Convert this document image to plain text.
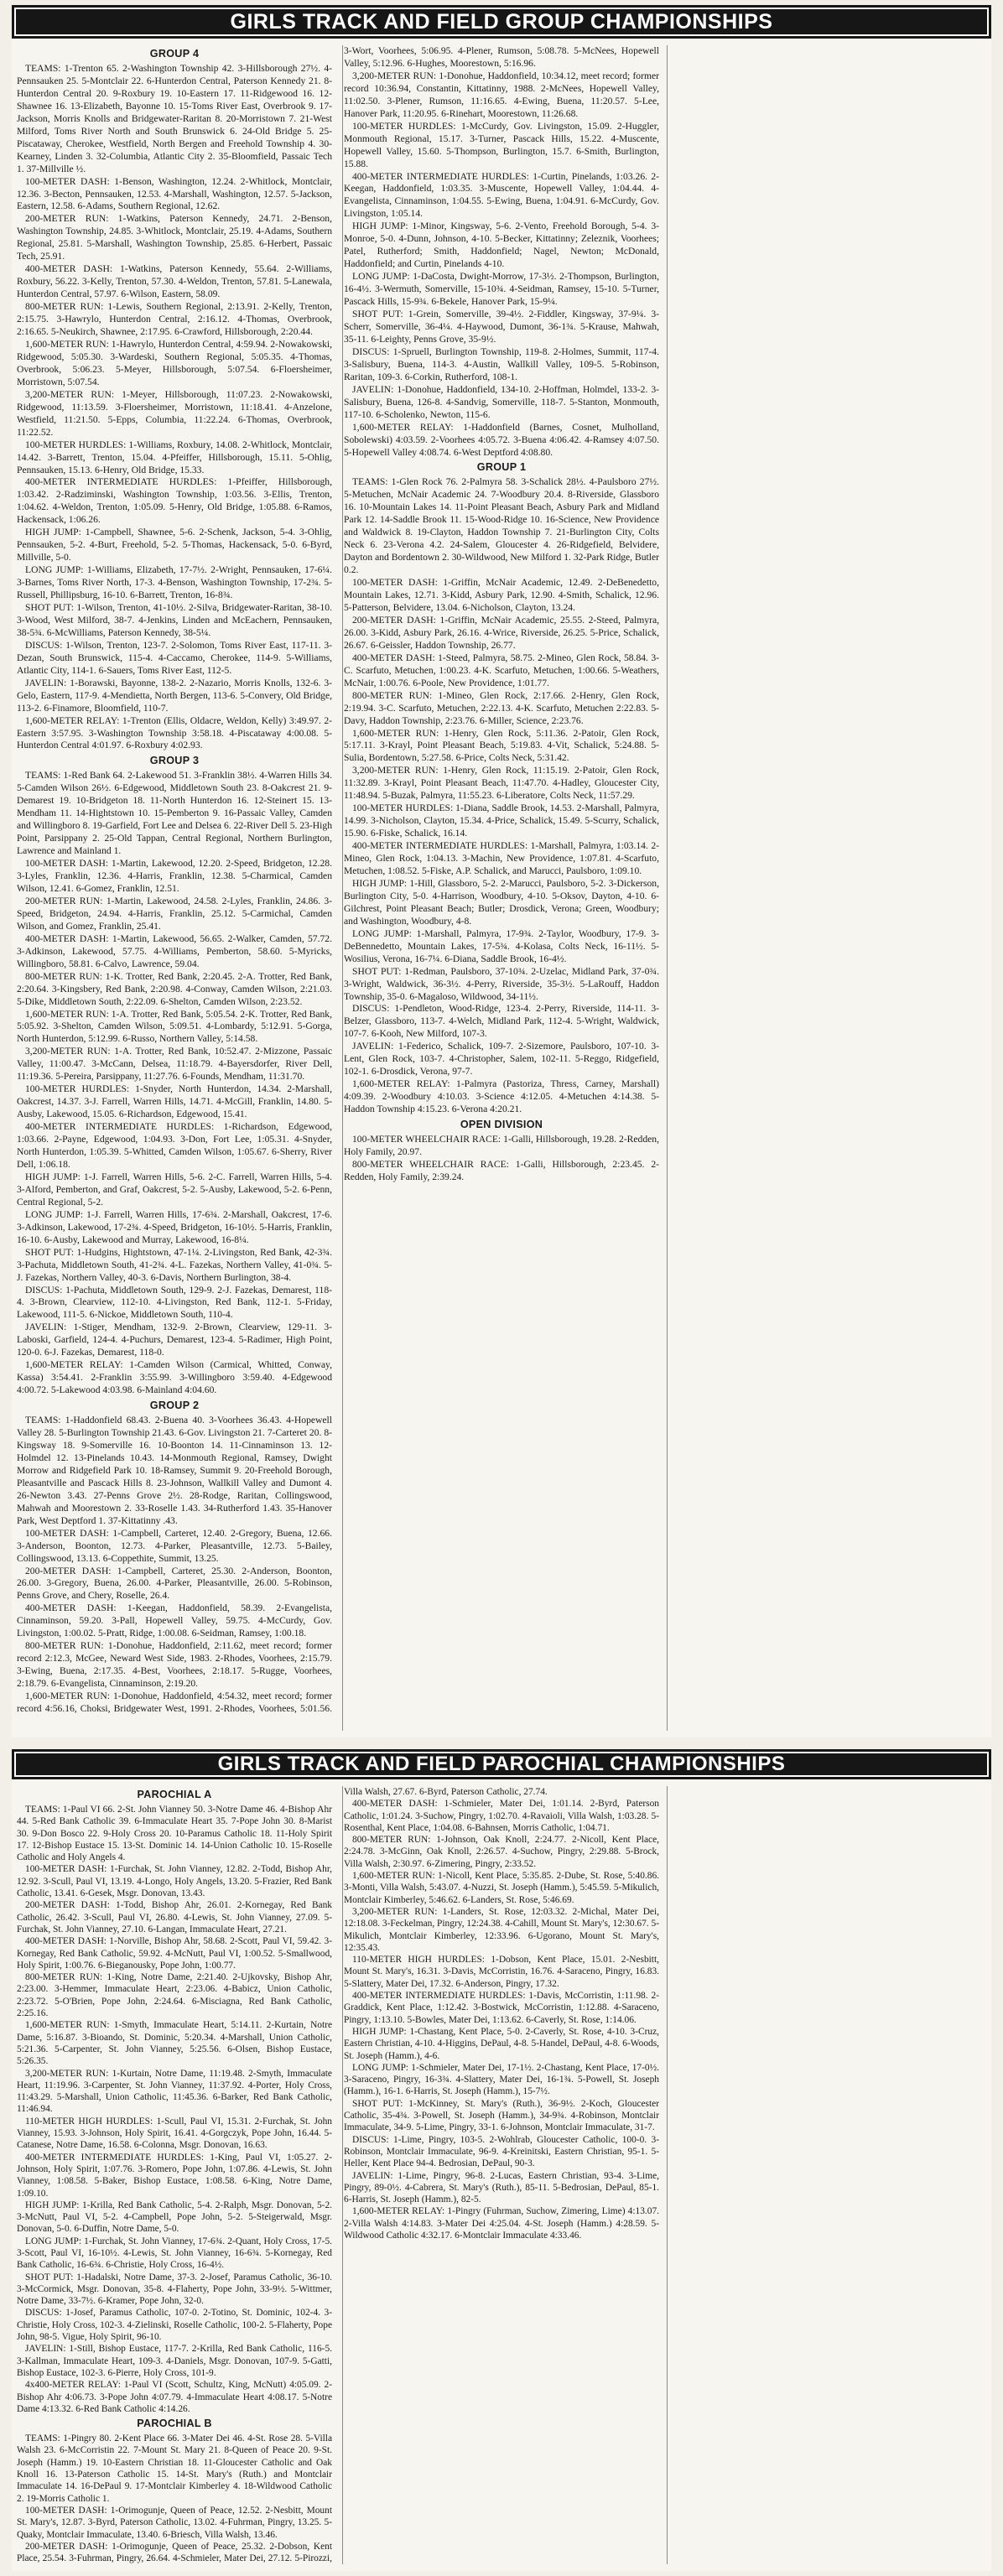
GIRLS TRACK AND FIELD GROUP CHAMPIONSHIPS
GROUP 4

TEAMS: 1-Trenton 65. 2-Washington Township 42. 3-Hillsborough 27½. 4-Pennsauken 25. 5-Montclair 22. 6-Hunterdon Central, Paterson Kennedy 21. 8-Hunterdon Central 20. 9-Roxbury 19. 10-Eastern 17. 11-Ridgewood 16. 12-Shawnee 16. 13-Elizabeth, Bayonne 10. 15-Toms River East, Overbrook 9. 17-Jackson, Morris Knolls and Bridgewater-Raritan 8. 20-Morristown 7. 21-West Milford, Toms River North and South Brunswick 6. 24-Old Bridge 5. 25-Piscataway, Cherokee, Westfield, North Bergen and Freehold Township 4. 30-Kearney, Linden 3. 32-Columbia, Atlantic City 2. 35-Bloomfield, Passaic Tech 1. 37-Millville ½.

100-METER DASH: 1-Benson, Washington, 12.24. 2-Whitlock, Montclair, 12.36. 3-Becton, Pennsauken, 12.53. 4-Marshall, Washington, 12.57. 5-Jackson, Eastern, 12.58. 6-Adams, Southern Regional, 12.62.

200-METER RUN: 1-Watkins, Paterson Kennedy, 24.71. 2-Benson, Washington Township, 24.85. 3-Whitlock, Montclair, 25.19. 4-Adams, Southern Regional, 25.81. 5-Marshall, Washington Township, 25.85. 6-Herbert, Passaic Tech, 25.91.

400-METER DASH: 1-Watkins, Paterson Kennedy, 55.64. 2-Williams, Roxbury, 56.22. 3-Kelly, Trenton, 57.30. 4-Weldon, Trenton, 57.81. 5-Lanewala, Hunterdon Central, 57.97. 6-Wilson, Eastern, 58.09.

800-METER RUN: 1-Lewis, Southern Regional, 2:13.91. 2-Kelly, Trenton, 2:15.75. 3-Hawrylo, Hunterdon Central, 2:16.12. 4-Thomas, Overbrook, 2:16.65. 5-Neukirch, Shawnee, 2:17.95. 6-Crawford, Hillsborough, 2:20.44.

1,600-METER RUN: 1-Hawrylo, Hunterdon Central, 4:59.94. 2-Nowakowski, Ridgewood, 5:05.30. 3-Wardeski, Southern Regional, 5:05.35. 4-Thomas, Overbrook, 5:06.23. 5-Meyer, Hillsborough, 5:07.54. 6-Floersheimer, Morristown, 5:07.54.

3,200-METER RUN: 1-Meyer, Hillsborough, 11:07.23. 2-Nowakowski, Ridgewood, 11:13.59. 3-Floersheimer, Morristown, 11:18.41. 4-Anzelone, Westfield, 11:21.50. 5-Epps, Columbia, 11:22.24. 6-Thomas, Overbrook, 11:22.52.

100-METER HURDLES: 1-Williams, Roxbury, 14.08. 2-Whitlock, Montclair, 14.42. 3-Barrett, Trenton, 15.04. 4-Pfeiffer, Hillsborough, 15.11. 5-Ohlig, Pennsauken, 15.13. 6-Henry, Old Bridge, 15.33.

400-METER INTERMEDIATE HURDLES: 1-Pfeiffer, Hillsborough, 1:03.42. 2-Radziminski, Washington Township, 1:03.56. 3-Ellis, Trenton, 1:04.62. 4-Weldon, Trenton, 1:05.09. 5-Henry, Old Bridge, 1:05.88. 6-Ramos, Hackensack, 1:06.26.

HIGH JUMP: 1-Campbell, Shawnee, 5-6. 2-Schenk, Jackson, 5-4. 3-Ohlig, Pennsauken, 5-2. 4-Burt, Freehold, 5-2. 5-Thomas, Hackensack, 5-0. 6-Byrd, Millville, 5-0.

LONG JUMP: 1-Williams, Elizabeth, 17-7½. 2-Wright, Pennsauken, 17-6¼. 3-Barnes, Toms River North, 17-3. 4-Benson, Washington Township, 17-2¾. 5-Russell, Phillipsburg, 16-10. 6-Barrett, Trenton, 16-8¾.

SHOT PUT: 1-Wilson, Trenton, 41-10½. 2-Silva, Bridgewater-Raritan, 38-10. 3-Wood, West Milford, 38-7. 4-Jenkins, Linden and McEachern, Pennsauken, 38-5¾. 6-McWilliams, Paterson Kennedy, 38-5¼.

DISCUS: 1-Wilson, Trenton, 123-7. 2-Solomon, Toms River East, 117-11. 3-Dezan, South Brunswick, 115-4. 4-Caccamo, Cherokee, 114-9. 5-Williams, Atlantic City, 114-1. 6-Sauers, Toms River East, 112-5.

JAVELIN: 1-Borawski, Bayonne, 138-2. 2-Nazario, Morris Knolls, 132-6. 3-Gelo, Eastern, 117-9. 4-Mendietta, North Bergen, 113-6. 5-Convery, Old Bridge, 113-2. 6-Finamore, Bloomfield, 110-7.

1,600-METER RELAY: 1-Trenton (Ellis, Oldacre, Weldon, Kelly) 3:49.97. 2-Eastern 3:57.95. 3-Washington Township 3:58.18. 4-Piscataway 4:00.08. 5-Hunterdon Central 4:01.97. 6-Roxbury 4:02.93.

GROUP 3

TEAMS: 1-Red Bank 64. 2-Lakewood 51. 3-Franklin 38½. 4-Warren Hills 34. 5-Camden Wilson 26½. 6-Edgewood, Middletown South 23. 8-Oakcrest 21. 9-Demarest 19. 10-Bridgeton 18. 11-North Hunterdon 16. 12-Steinert 15. 13-Mendham 11. 14-Hightstown 10. 15-Pemberton 9. 16-Passaic Valley, Camden and Willingboro 8. 19-Garfield, Fort Lee and Delsea 6. 22-River Dell 5. 23-High Point, Parsippany 2. 25-Old Tappan, Central Regional, Northern Burlington, Lawrence and Mainland 1.

100-METER DASH: 1-Martin, Lakewood, 12.20. 2-Speed, Bridgeton, 12.28. 3-Lyles, Franklin, 12.36. 4-Harris, Franklin, 12.38. 5-Charmical, Camden Wilson, 12.41. 6-Gomez, Franklin, 12.51.

200-METER RUN: 1-Martin, Lakewood, 24.58. 2-Lyles, Franklin, 24.86. 3-Speed, Bridgeton, 24.94. 4-Harris, Franklin, 25.12. 5-Carmichal, Camden Wilson, and Gomez, Franklin, 25.41.

400-METER DASH: 1-Martin, Lakewood, 56.65. 2-Walker, Camden, 57.72. 3-Adkinson, Lakewood, 57.75. 4-Williams, Pemberton, 58.60. 5-Myricks, Willingboro, 58.81. 6-Calvo, Lawrence, 59.04.

800-METER RUN: 1-K. Trotter, Red Bank, 2:20.45. 2-A. Trotter, Red Bank, 2:20.64. 3-Kingsbery, Red Bank, 2:20.98. 4-Conway, Camden Wilson, 2:21.03. 5-Dike, Middletown South, 2:22.09. 6-Shelton, Camden Wilson, 2:23.52.

1,600-METER RUN: 1-A. Trotter, Red Bank, 5:05.54. 2-K. Trotter, Red Bank, 5:05.92. 3-Shelton, Camden Wilson, 5:09.51. 4-Lombardy, 5:12.91. 5-Gorga, North Hunterdon, 5:12.99. 6-Russo, Northern Valley, 5:14.58.

3,200-METER RUN: 1-A. Trotter, Red Bank, 10:52.47. 2-Mizzone, Passaic Valley, 11:00.47. 3-McCann, Delsea, 11:18.79. 4-Bayersdorfer, River Dell, 11:19.36. 5-Pereira, Parsippany, 11:27.76. 6-Founds, Mendham, 11:31.70.

100-METER HURDLES: 1-Snyder, North Hunterdon, 14.34. 2-Marshall, Oakcrest, 14.37. 3-J. Farrell, Warren Hills, 14.71. 4-McGill, Franklin, 14.80. 5-Ausby, Lakewood, 15.05. 6-Richardson, Edgewood, 15.41.

400-METER INTERMEDIATE HURDLES: 1-Richardson, Edgewood, 1:03.66. 2-Payne, Edgewood, 1:04.93. 3-Don, Fort Lee, 1:05.31. 4-Snyder, North Hunterdon, 1:05.39. 5-Whitted, Camden Wilson, 1:05.67. 6-Sherry, River Dell, 1:06.18.

HIGH JUMP: 1-J. Farrell, Warren Hills, 5-6. 2-C. Farrell, Warren Hills, 5-4. 3-Alford, Pemberton, and Graf, Oakcrest, 5-2. 5-Ausby, Lakewood, 5-2. 6-Penn, Central Regional, 5-2.

LONG JUMP: 1-J. Farrell, Warren Hills, 17-6¾. 2-Marshall, Oakcrest, 17-6. 3-Adkinson, Lakewood, 17-2¾. 4-Speed, Bridgeton, 16-10½. 5-Harris, Franklin, 16-10. 6-Ausby, Lakewood and Murray, Lakewood, 16-8¼.

SHOT PUT: 1-Hudgins, Hightstown, 47-1¼. 2-Livingston, Red Bank, 42-3¾. 3-Pachuta, Middletown South, 41-2¾. 4-L. Fazekas, Northern Valley, 41-0¾. 5-J. Fazekas, Northern Valley, 40-3. 6-Davis, Northern Burlington, 38-4.

DISCUS: 1-Pachuta, Middletown South, 129-9. 2-J. Fazekas, Demarest, 118-4. 3-Brown, Clearview, 112-10. 4-Livingston, Red Bank, 112-1. 5-Friday, Lakewood, 111-5. 6-Nickoe, Middletown South, 110-4.

JAVELIN: 1-Stiger, Mendham, 132-9. 2-Brown, Clearview, 129-11. 3-Laboski, Garfield, 124-4. 4-Puchurs, Demarest, 123-4. 5-Radimer, High Point, 120-0. 6-J. Fazekas, Demarest, 118-0.

1,600-METER RELAY: 1-Camden Wilson (Carmical, Whitted, Conway, Kassa) 3:54.41. 2-Franklin 3:55.99. 3-Willingboro 3:59.40. 4-Edgewood 4:00.72. 5-Lakewood 4:03.98. 6-Mainland 4:04.60.

GROUP 2

TEAMS: 1-Haddonfield 68.43. 2-Buena 40. 3-Voorhees 36.43. 4-Hopewell Valley 28. 5-Burlington Township 21.43. 6-Gov. Livingston 21. 7-Carteret 20. 8-Kingsway 18. 9-Somerville 16. 10-Boonton 14. 11-Cinnaminson 13. 12-Holmdel 12. 13-Pinelands 10.43. 14-Monmouth Regional, Ramsey, Dwight Morrow and Ridgefield Park 10. 18-Ramsey, Summit 9. 20-Freehold Borough, Pleasantville and Pascack Hills 8. 23-Johnson, Wallkill Valley and Dumont 4. 26-Newton 3.43. 27-Penns Grove 2½. 28-Rodge, Raritan, Collingswood, Mahwah and Moorestown 2. 33-Roselle 1.43. 34-Rutherford 1.43. 35-Hanover Park, West Deptford 1. 37-Kittatinny .43.

100-METER DASH: 1-Campbell, Carteret, 12.40. 2-Gregory, Buena, 12.66. 3-Anderson, Boonton, 12.73. 4-Parker, Pleasantville, 12.73. 5-Bailey, Collingswood, 13.13. 6-Coppethite, Summit, 13.25.

200-METER DASH: 1-Campbell, Carteret, 25.30. 2-Anderson, Boonton, 26.00. 3-Gregory, Buena, 26.00. 4-Parker, Pleasantville, 26.00. 5-Robinson, Penns Grove, and Chery, Roselle, 26.4.

400-METER DASH: 1-Keegan, Haddonfield, 58.39. 2-Evangelista, Cinnaminson, 59.20. 3-Pall, Hopewell Valley, 59.75. 4-McCurdy, Gov. Livingston, 1:00.02. 5-Pratt, Ridge, 1:00.08. 6-Seidman, Ramsey, 1:00.18.

800-METER RUN: 1-Donohue, Haddonfield, 2:11.62, meet record; former record 2:12.3, McGee, Neward West Side, 1983. 2-Rhodes, Voorhees, 2:15.79. 3-Ewing, Buena, 2:17.35. 4-Best, Voorhees, 2:18.17. 5-Rugge, Voorhees, 2:18.79. 6-Evangelista, Cinnaminson, 2:19.20.

1,600-METER RUN: 1-Donohue, Haddonfield, 4:54.32, meet record; former record 4:56.16, Choksi, Bridgewater West, 1991. 2-Rhodes, Voorhees, 5:01.56. 3-Wort, Voorhees, 5:06.95. 4-Plener, Rumson, 5:08.78. 5-McNees, Hopewell Valley, 5:12.96. 6-Hughes, Moorestown, 5:16.96.

3,200-METER RUN: 1-Donohue, Haddonfield, 10:34.12, meet record; former record 10:36.94, Constantin, Kittatinny, 1988. 2-McNees, Hopewell Valley, 11:02.50. 3-Plener, Rumson, 11:16.65. 4-Ewing, Buena, 11:20.57. 5-Lee, Hanover Park, 11:20.95. 6-Rinehart, Moorestown, 11:26.68.

100-METER HURDLES: 1-McCurdy, Gov. Livingston, 15.09. 2-Huggler, Monmouth Regional, 15.17. 3-Turner, Pascack Hills, 15.22. 4-Muscente, Hopewell Valley, 15.60. 5-Thompson, Burlington, 15.7. 6-Smith, Burlington, 15.88.

400-METER INTERMEDIATE HURDLES: 1-Curtin, Pinelands, 1:03.26. 2-Keegan, Haddonfield, 1:03.35. 3-Muscente, Hopewell Valley, 1:04.44. 4-Evangelista, Cinnaminson, 1:04.55. 5-Ewing, Buena, 1:04.91. 6-McCurdy, Gov. Livingston, 1:05.14.

HIGH JUMP: 1-Minor, Kingsway, 5-6. 2-Vento, Freehold Borough, 5-4. 3-Monroe, 5-0. 4-Dunn, Johnson, 4-10. 5-Becker, Kittatinny; Zeleznik, Voorhees; Patel, Rutherford; Smith, Haddonfield; Nagel, Newton; McDonald, Haddonfield; and Curtin, Pinelands 4-10.

LONG JUMP: 1-DaCosta, Dwight-Morrow, 17-3½. 2-Thompson, Burlington, 16-4½. 3-Wermuth, Somerville, 15-10¾. 4-Seidman, Ramsey, 15-10. 5-Turner, Pascack Hills, 15-9¾. 6-Bekele, Hanover Park, 15-9¼.

SHOT PUT: 1-Grein, Somerville, 39-4½. 2-Fiddler, Kingsway, 37-9¼. 3-Scherr, Somerville, 36-4¼. 4-Haywood, Dumont, 36-1¾. 5-Krause, Mahwah, 35-11. 6-Leighty, Penns Grove, 35-9½.

DISCUS: 1-Spruell, Burlington Township, 119-8. 2-Holmes, Summit, 117-4. 3-Salisbury, Buena, 114-3. 4-Austin, Wallkill Valley, 109-5. 5-Robinson, Raritan, 109-3. 6-Corkin, Rutherford, 108-1.

JAVELIN: 1-Donohue, Haddonfield, 134-10. 2-Hoffman, Holmdel, 133-2. 3-Salisbury, Buena, 126-8. 4-Sandvig, Somerville, 118-7. 5-Stanton, Monmouth, 117-10. 6-Scholenko, Newton, 115-6.

1,600-METER RELAY: 1-Haddonfield (Barnes, Cosnet, Mulholland, Sobolewski) 4:03.59. 2-Voorhees 4:05.72. 3-Buena 4:06.42. 4-Ramsey 4:07.50. 5-Hopewell Valley 4:08.74. 6-West Deptford 4:08.80.

GROUP 1

TEAMS: 1-Glen Rock 76. 2-Palmyra 58. 3-Schalick 28½. 4-Paulsboro 27½. 5-Metuchen, McNair Academic 24. 7-Woodbury 20.4. 8-Riverside, Glassboro 16. 10-Mountain Lakes 14. 11-Point Pleasant Beach, Asbury Park and Midland Park 12. 14-Saddle Brook 11. 15-Wood-Ridge 10. 16-Science, New Providence and Waldwick 8. 19-Clayton, Haddon Township 7. 21-Burlington City, Colts Neck 6. 23-Verona 4.2. 24-Salem, Gloucester 4. 26-Ridgefield, Belvidere, Dayton and Bordentown 2. 30-Wildwood, New Milford 1. 32-Park Ridge, Butler 0.2.

100-METER DASH: 1-Griffin, McNair Academic, 12.49. 2-DeBenedetto, Mountain Lakes, 12.71. 3-Kidd, Asbury Park, 12.90. 4-Smith, Schalick, 12.96. 5-Patterson, Belvidere, 13.04. 6-Nicholson, Clayton, 13.24.

200-METER DASH: 1-Griffin, McNair Academic, 25.55. 2-Steed, Palmyra, 26.00. 3-Kidd, Asbury Park, 26.16. 4-Wrice, Riverside, 26.25. 5-Price, Schalick, 26.67. 6-Geissler, Haddon Township, 26.77.

400-METER DASH: 1-Steed, Palmyra, 58.75. 2-Mineo, Glen Rock, 58.84. 3-C. Scarfuto, Metuchen, 1:00.23. 4-K. Scarfuto, Metuchen, 1:00.66. 5-Weathers, McNair, 1:00.76. 6-Poole, New Providence, 1:01.77.

800-METER RUN: 1-Mineo, Glen Rock, 2:17.66. 2-Henry, Glen Rock, 2:19.94. 3-C. Scarfuto, Metuchen, 2:22.13. 4-K. Scarfuto, Metuchen 2:22.83. 5-Davy, Haddon Township, 2:23.76. 6-Miller, Science, 2:23.76.

1,600-METER RUN: 1-Henry, Glen Rock, 5:11.36. 2-Patoir, Glen Rock, 5:17.11. 3-Krayl, Point Pleasant Beach, 5:19.83. 4-Vit, Schalick, 5:24.88. 5-Sulia, Bordentown, 5:27.58. 6-Price, Colts Neck, 5:31.42.

3,200-METER RUN: 1-Henry, Glen Rock, 11:15.19. 2-Patoir, Glen Rock, 11:32.89. 3-Krayl, Point Pleasant Beach, 11:47.70. 4-Hadley, Gloucester City, 11:48.94. 5-Buzak, Palmyra, 11:55.23. 6-Liberatore, Colts Neck, 11:57.29.

100-METER HURDLES: 1-Diana, Saddle Brook, 14.53. 2-Marshall, Palmyra, 14.99. 3-Nicholson, Clayton, 15.34. 4-Price, Schalick, 15.49. 5-Scurry, Schalick, 15.90. 6-Fiske, Schalick, 16.14.

400-METER INTERMEDIATE HURDLES: 1-Marshall, Palmyra, 1:03.14. 2-Mineo, Glen Rock, 1:04.13. 3-Machin, New Providence, 1:07.81. 4-Scarfuto, Metuchen, 1:08.52. 5-Fiske, A.P. Schalick, and Marucci, Paulsboro, 1:09.10.

HIGH JUMP: 1-Hill, Glassboro, 5-2. 2-Marucci, Paulsboro, 5-2. 3-Dickerson, Burlington City, 5-0. 4-Harrison, Woodbury, 4-10. 5-Oksov, Dayton, 4-10. 6-Gilchrest, Point Pleasant Beach; Butler; Drosdick, Verona; Green, Woodbury; and Washington, Woodbury, 4-8.

LONG JUMP: 1-Marshall, Palmyra, 17-9¾. 2-Taylor, Woodbury, 17-9. 3-DeBennedetto, Mountain Lakes, 17-5¾. 4-Kolasa, Colts Neck, 16-11½. 5-Wosilius, Verona, 16-7¼. 6-Diana, Saddle Brook, 16-4½.

SHOT PUT: 1-Redman, Paulsboro, 37-10¾. 2-Uzelac, Midland Park, 37-0¾. 3-Wright, Waldwick, 36-3½. 4-Perry, Riverside, 35-3½. 5-LaRouff, Haddon Township, 35-0. 6-Magaloso, Wildwood, 34-11½.

DISCUS: 1-Pendleton, Wood-Ridge, 123-4. 2-Perry, Riverside, 114-11. 3-Belzer, Glassboro, 113-7. 4-Welch, Midland Park, 112-4. 5-Wright, Waldwick, 107-7. 6-Kooh, New Milford, 107-3.

JAVELIN: 1-Federico, Schalick, 109-7. 2-Sizemore, Paulsboro, 107-10. 3-Lent, Glen Rock, 103-7. 4-Christopher, Salem, 102-11. 5-Reggo, Ridgefield, 102-1. 6-Drosdick, Verona, 97-7.

1,600-METER RELAY: 1-Palmyra (Pastoriza, Thress, Carney, Marshall) 4:09.39. 2-Woodbury 4:10.03. 3-Science 4:12.05. 4-Metuchen 4:14.38. 5-Haddon Township 4:15.23. 6-Verona 4:20.21.

OPEN DIVISION

100-METER WHEELCHAIR RACE: 1-Galli, Hillsborough, 19.28. 2-Redden, Holy Family, 20.97.

800-METER WHEELCHAIR RACE: 1-Galli, Hillsborough, 2:23.45. 2-Redden, Holy Family, 2:39.24.

GIRLS TRACK AND FIELD PAROCHIAL CHAMPIONSHIPS
PAROCHIAL A

TEAMS: 1-Paul VI 66. 2-St. John Vianney 50. 3-Notre Dame 46. 4-Bishop Ahr 44. 5-Red Bank Catholic 39. 6-Immaculate Heart 35. 7-Pope John 30. 8-Marist 30. 9-Don Bosco 22. 9-Holy Cross 20. 10-Paramus Catholic 18. 11-Holy Spirit 17. 12-Bishop Eustace 15. 13-St. Dominic 14. 14-Union Catholic 10. 15-Roselle Catholic and Holy Angels 4.

100-METER DASH: 1-Furchak, St. John Vianney, 12.82. 2-Todd, Bishop Ahr, 12.92. 3-Scull, Paul VI, 13.19. 4-Longo, Holy Angels, 13.20. 5-Frazier, Red Bank Catholic, 13.41. 6-Gesek, Msgr. Donovan, 13.43.

200-METER DASH: 1-Todd, Bishop Ahr, 26.01. 2-Kornegay, Red Bank Catholic, 26.42. 3-Scull, Paul VI, 26.80. 4-Lewis, St. John Vianney, 27.09. 5-Furchak, St. John Vianney, 27.10. 6-Langan, Immaculate Heart, 27.21.

400-METER DASH: 1-Norville, Bishop Ahr, 58.68. 2-Scott, Paul VI, 59.42. 3-Kornegay, Red Bank Catholic, 59.92. 4-McNutt, Paul VI, 1:00.52. 5-Smallwood, Holy Spirit, 1:00.76. 6-Bieganousky, Pope John, 1:00.77.

800-METER RUN: 1-King, Notre Dame, 2:21.40. 2-Ujkovsky, Bishop Ahr, 2:23.00. 3-Hemmer, Immaculate Heart, 2:23.06. 4-Babicz, Union Catholic, 2:23.72. 5-O'Brien, Pope John, 2:24.64. 6-Misciagna, Red Bank Catholic, 2:25.16.

1,600-METER RUN: 1-Smyth, Immaculate Heart, 5:14.11. 2-Kurtain, Notre Dame, 5:16.87. 3-Bioando, St. Dominic, 5:20.34. 4-Marshall, Union Catholic, 5:21.36. 5-Carpenter, St. John Vianney, 5:25.56. 6-Olsen, Bishop Eustace, 5:26.35.

3,200-METER RUN: 1-Kurtain, Notre Dame, 11:19.48. 2-Smyth, Immaculate Heart, 11:19.96. 3-Carpenter, St. John Vianney, 11:37.92. 4-Porter, Holy Cross, 11:43.29. 5-Marshall, Union Catholic, 11:45.36. 6-Barker, Red Bank Catholic, 11:46.94.

110-METER HIGH HURDLES: 1-Scull, Paul VI, 15.31. 2-Furchak, St. John Vianney, 15.93. 3-Johnson, Holy Spirit, 16.41. 4-Gorgczyk, Pope John, 16.44. 5-Catanese, Notre Dame, 16.58. 6-Colonna, Msgr. Donovan, 16.63.

400-METER INTERMEDIATE HURDLES: 1-King, Paul VI, 1:05.27. 2-Johnson, Holy Spirit, 1:07.76. 3-Romero, Pope John, 1:07.86. 4-Lewis, St. John Vianney, 1:08.58. 5-Baker, Bishop Eustace, 1:08.58. 6-King, Notre Dame, 1:09.10.

HIGH JUMP: 1-Krilla, Red Bank Catholic, 5-4. 2-Ralph, Msgr. Donovan, 5-2. 3-McNutt, Paul VI, 5-2. 4-Campbell, Pope John, 5-2. 5-Steigerwald, Msgr. Donovan, 5-0. 6-Duffin, Notre Dame, 5-0.

LONG JUMP: 1-Furchak, St. John Vianney, 17-6¾. 2-Quant, Holy Cross, 17-5. 3-Scott, Paul VI, 16-10½. 4-Lewis, St. John Vianney, 16-6¾. 5-Kornegay, Red Bank Catholic, 16-6¾. 6-Christie, Holy Cross, 16-4½.

SHOT PUT: 1-Hadalski, Notre Dame, 37-3. 2-Josef, Paramus Catholic, 36-10. 3-McCormick, Msgr. Donovan, 35-8. 4-Flaherty, Pope John, 33-9½. 5-Wittmer, Notre Dame, 33-7½. 6-Kramer, Pope John, 32-0.

DISCUS: 1-Josef, Paramus Catholic, 107-0. 2-Totino, St. Dominic, 102-4. 3-Christie, Holy Cross, 102-3. 4-Zielinski, Roselle Catholic, 100-2. 5-Flaherty, Pope John, 98-5. Vigue, Holy Spirit, 96-10.

JAVELIN: 1-Still, Bishop Eustace, 117-7. 2-Krilla, Red Bank Catholic, 116-5. 3-Kallman, Immaculate Heart, 109-3. 4-Daniels, Msgr. Donovan, 107-9. 5-Gatti, Bishop Eustace, 102-3. 6-Pierre, Holy Cross, 101-9.

4x400-METER RELAY: 1-Paul VI (Scott, Schultz, King, McNutt) 4:05.09. 2-Bishop Ahr 4:06.73. 3-Pope John 4:07.79. 4-Immaculate Heart 4:08.17. 5-Notre Dame 4:13.32. 6-Red Bank Catholic 4:14.26.

PAROCHIAL B

TEAMS: 1-Pingry 80. 2-Kent Place 66. 3-Mater Dei 46. 4-St. Rose 28. 5-Villa Walsh 23. 6-McCorristin 22. 7-Mount St. Mary 21. 8-Queen of Peace 20. 9-St. Joseph (Hamm.) 19. 10-Eastern Christian 18. 11-Gloucester Catholic and Oak Knoll 16. 13-Paterson Catholic 15. 14-St. Mary's (Ruth.) and Montclair Immaculate 14. 16-DePaul 9. 17-Montclair Kimberley 4. 18-Wildwood Catholic 2. 19-Morris Catholic 1.

100-METER DASH: 1-Orimogunje, Queen of Peace, 12.52. 2-Nesbitt, Mount St. Mary's, 12.87. 3-Byrd, Paterson Catholic, 13.02. 4-Fuhrman, Pingry, 13.25. 5-Quaky, Montclair Immaculate, 13.40. 6-Briesch, Villa Walsh, 13.46.

200-METER DASH: 1-Orimogunje, Queen of Peace, 25.32. 2-Dobson, Kent Place, 25.54. 3-Fuhrman, Pingry, 26.64. 4-Schmieler, Mater Dei, 27.12. 5-Pirozzi, Villa Walsh, 27.67. 6-Byrd, Paterson Catholic, 27.74.

400-METER DASH: 1-Schmieler, Mater Dei, 1:01.14. 2-Byrd, Paterson Catholic, 1:01.24. 3-Suchow, Pingry, 1:02.70. 4-Ravaioli, Villa Walsh, 1:03.28. 5-Rosenthal, Kent Place, 1:04.08. 6-Bahnsen, Morris Catholic, 1:04.71.

800-METER RUN: 1-Johnson, Oak Knoll, 2:24.77. 2-Nicoll, Kent Place, 2:24.78. 3-McGinn, Oak Knoll, 2:26.57. 4-Suchow, Pingry, 2:29.88. 5-Brock, Villa Walsh, 2:30.97. 6-Zimering, Pingry, 2:33.52.

1,600-METER RUN: 1-Nicoll, Kent Place, 5:35.85. 2-Dube, St. Rose, 5:40.86. 3-Monti, Villa Walsh, 5:43.07. 4-Nuzzi, St. Joseph (Hamm.), 5:45.59. 5-Mikulich, Montclair Kimberley, 5:46.62. 6-Landers, St. Rose, 5:46.69.

3,200-METER RUN: 1-Landers, St. Rose, 12:03.32. 2-Michal, Mater Dei, 12:18.08. 3-Feckelman, Pingry, 12:24.38. 4-Cahill, Mount St. Mary's, 12:30.67. 5-Mikulich, Montclair Kimberley, 12:33.96. 6-Ugorano, Mount St. Mary's, 12:35.43.

110-METER HIGH HURDLES: 1-Dobson, Kent Place, 15.01. 2-Nesbitt, Mount St. Mary's, 16.31. 3-Davis, McCorristin, 16.76. 4-Saraceno, Pingry, 16.83. 5-Slattery, Mater Dei, 17.32. 6-Anderson, Pingry, 17.32.

400-METER INTERMEDIATE HURDLES: 1-Davis, McCorristin, 1:11.98. 2-Graddick, Kent Place, 1:12.42. 3-Bostwick, McCorristin, 1:12.88. 4-Saraceno, Pingry, 1:13.10. 5-Bowles, Mater Dei, 1:13.62. 6-Caverly, St. Rose, 1:14.06.

HIGH JUMP: 1-Chastang, Kent Place, 5-0. 2-Caverly, St. Rose, 4-10. 3-Cruz, Eastern Christian, 4-10. 4-Higgins, DePaul, 4-8. 5-Handel, DePaul, 4-8. 6-Woods, St. Joseph (Hamm.), 4-6.

LONG JUMP: 1-Schmieler, Mater Dei, 17-1½. 2-Chastang, Kent Place, 17-0½. 3-Saraceno, Pingry, 16-3¾. 4-Slattery, Mater Dei, 16-1¾. 5-Powell, St. Joseph (Hamm.), 16-1. 6-Harris, St. Joseph (Hamm.), 15-7½.

SHOT PUT: 1-McKinney, St. Mary's (Ruth.), 36-9½. 2-Koch, Gloucester Catholic, 35-4¾. 3-Powell, St. Joseph (Hamm.), 34-9¾. 4-Robinson, Montclair Immaculate, 34-9. 5-Lime, Pingry, 33-1. 6-Johnson, Montclair Immaculate, 31-7.

DISCUS: 1-Lime, Pingry, 103-5. 2-Wohlrab, Gloucester Catholic, 100-0. 3-Robinson, Montclair Immaculate, 96-9. 4-Kreinitski, Eastern Christian, 95-1. 5-Heller, Kent Place 94-4. Bedrosian, DePaul, 90-3.

JAVELIN: 1-Lime, Pingry, 96-8. 2-Lucas, Eastern Christian, 93-4. 3-Lime, Pingry, 89-0½. 4-Cabrera, St. Mary's (Ruth.), 85-11. 5-Bedrosian, DePaul, 85-1. 6-Harris, St. Joseph (Hamm.), 82-5.

1,600-METER RELAY: 1-Pingry (Fuhrman, Suchow, Zimering, Lime) 4:13.07. 2-Villa Walsh 4:14.83. 3-Mater Dei 4:25.04. 4-St. Joseph (Hamm.) 4:28.59. 5-Wildwood Catholic 4:32.17. 6-Montclair Immaculate 4:33.46.
